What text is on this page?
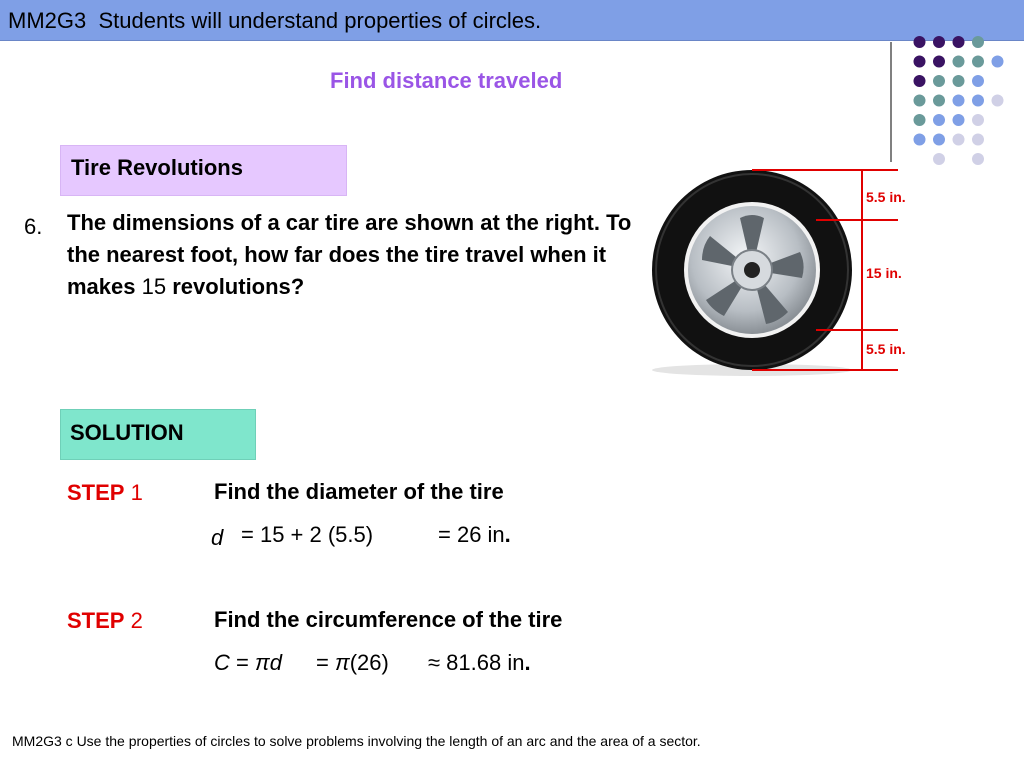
MM2G3  Students will understand properties of circles.
Find distance traveled
Tire Revolutions
6. The dimensions of a car tire are shown at the right. To the nearest foot, how far does the tire travel when it makes 15 revolutions?
5.5 in.
15 in.
5.5 in.
SOLUTION
STEP 1	Find the diameter of the tire
d = 15 + 2 (5.5)	= 26 in.
STEP 2	Find the circumference of the tire
C = πd = π(26) ≈ 81.68 in.
MM2G3 c Use the properties of circles to solve problems involving the length of an arc and the area of a sector.
